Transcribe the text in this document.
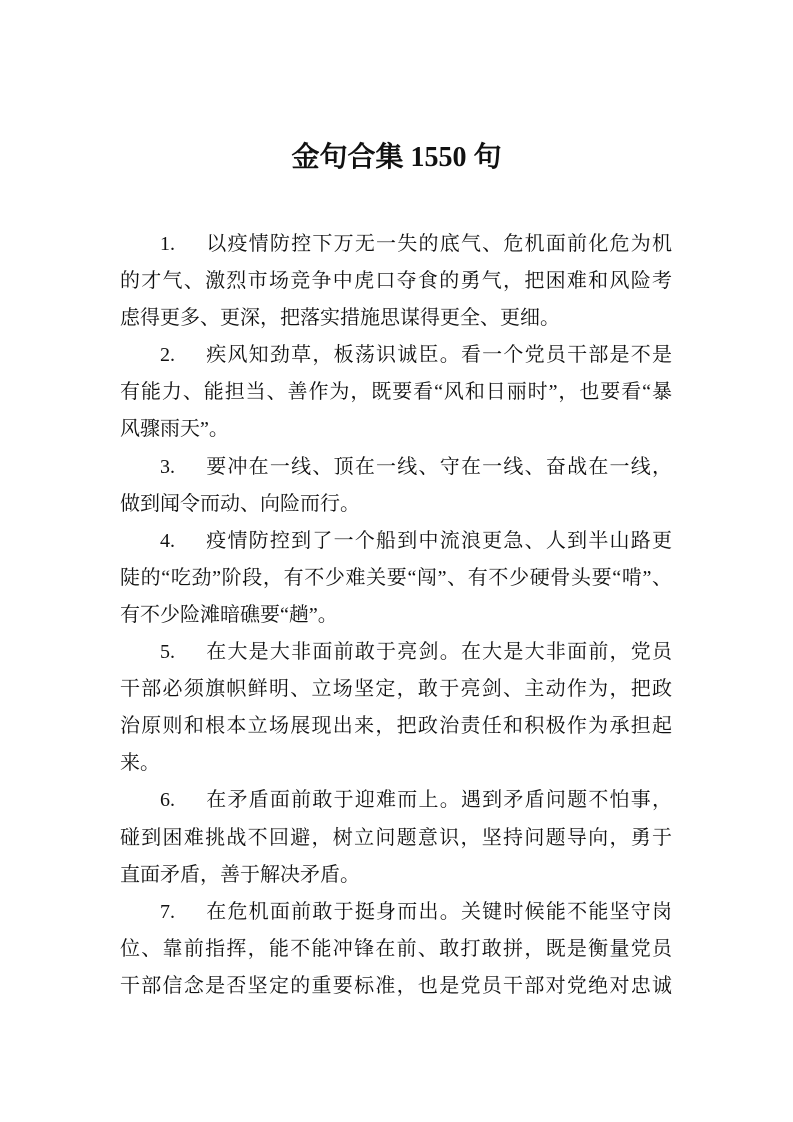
金句合集 1550 句
1. 以疫情防控下万无一失的底气、危机面前化危为机
的才气、激烈市场竞争中虎口夺食的勇气，把困难和风险考
虑得更多、更深，把落实措施思谋得更全、更细。
2. 疾风知劲草，板荡识诚臣。看一个党员干部是不是
有能力、能担当、善作为，既要看“风和日丽时”，也要看“暴
风骤雨天”。
3. 要冲在一线、顶在一线、守在一线、奋战在一线，
做到闻令而动、向险而行。
4. 疫情防控到了一个船到中流浪更急、人到半山路更
陡的“吃劲”阶段，有不少难关要“闯”、有不少硬骨头要“啃”、
有不少险滩暗礁要“趟”。
5. 在大是大非面前敢于亮剑。在大是大非面前，党员
干部必须旗帜鲜明、立场坚定，敢于亮剑、主动作为，把政
治原则和根本立场展现出来，把政治责任和积极作为承担起
来。
6. 在矛盾面前敢于迎难而上。遇到矛盾问题不怕事，
碰到困难挑战不回避，树立问题意识，坚持问题导向，勇于
直面矛盾，善于解决矛盾。
7. 在危机面前敢于挺身而出。关键时候能不能坚守岗
位、靠前指挥，能不能冲锋在前、敢打敢拼，既是衡量党员
干部信念是否坚定的重要标准，也是党员干部对党绝对忠诚
